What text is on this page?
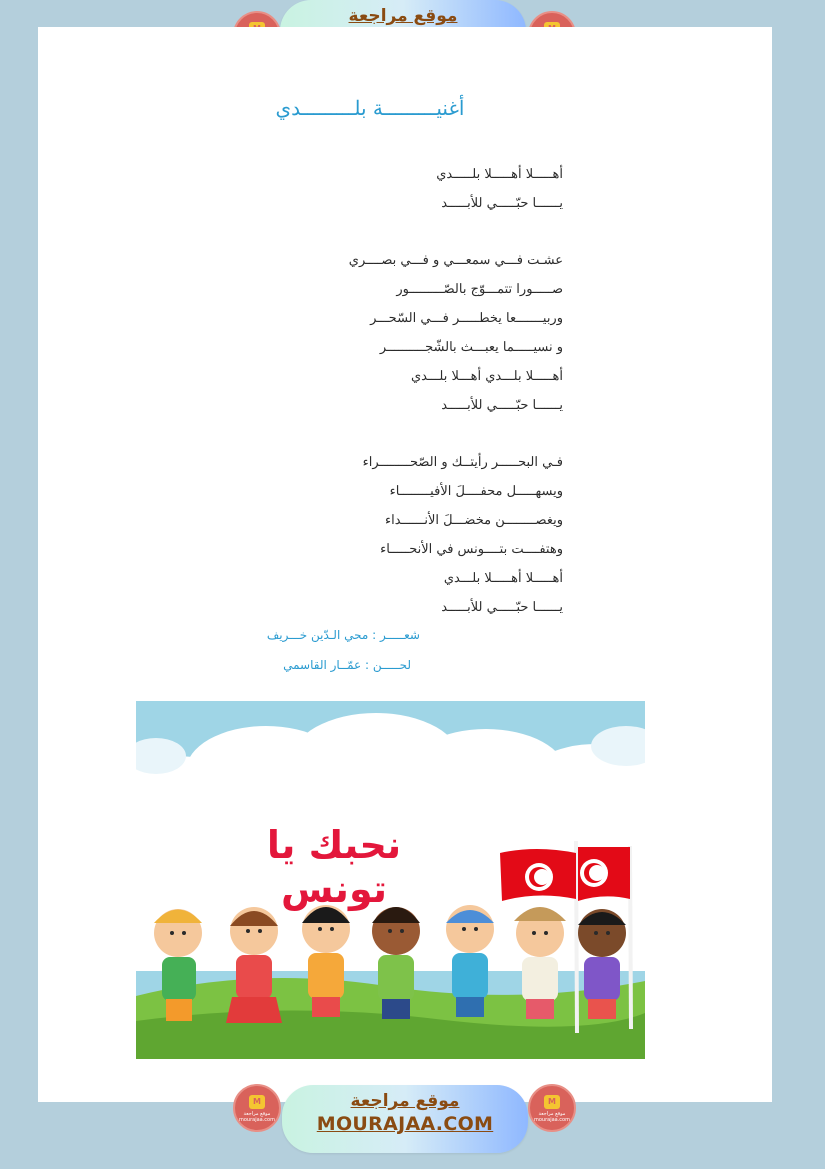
موقع مراجعة
أغنيـــــــــة بلـــــــــدي
أهـــــلا أهـــــلا بلـــــدي
يــــــا حبّـــــي للأبـــــد
عشـت فـــي سمعـــي و فـــي بصــــري
صـــــورا تتمـــوّج بالصّـــــــــور
وربيـــــــعا يخطـــــر فـــي السّحـــر
و نسيـــــما يعبـــث بالشّجــــــــــر
أهـــــلا بلـــدي أهـــلا بلـــدي
يــــــا حبّـــــي للأبـــــد
فـي البحـــــر رأيتــك و الصّحــــــــراء
ويسهـــــل محفــــلَ الأفيــــــــاء
ويغصــــــــن مخضـــلَ الأنــــــداء
وهتفــــت بتــــونس في الأنحـــــاء
أهـــــلا أهـــــلا بلـــدي
يــــــا حبّـــــي للأبـــــد
شعـــــر : محي الـدّين خـــريف
لحـــــن : عمّــار القاسمي
نحبك يا تونس
M
موقع مراجعة mourajaa.com
موقع مراجعة
MOURAJAA.COM
M
موقع مراجعة mourajaa.com
